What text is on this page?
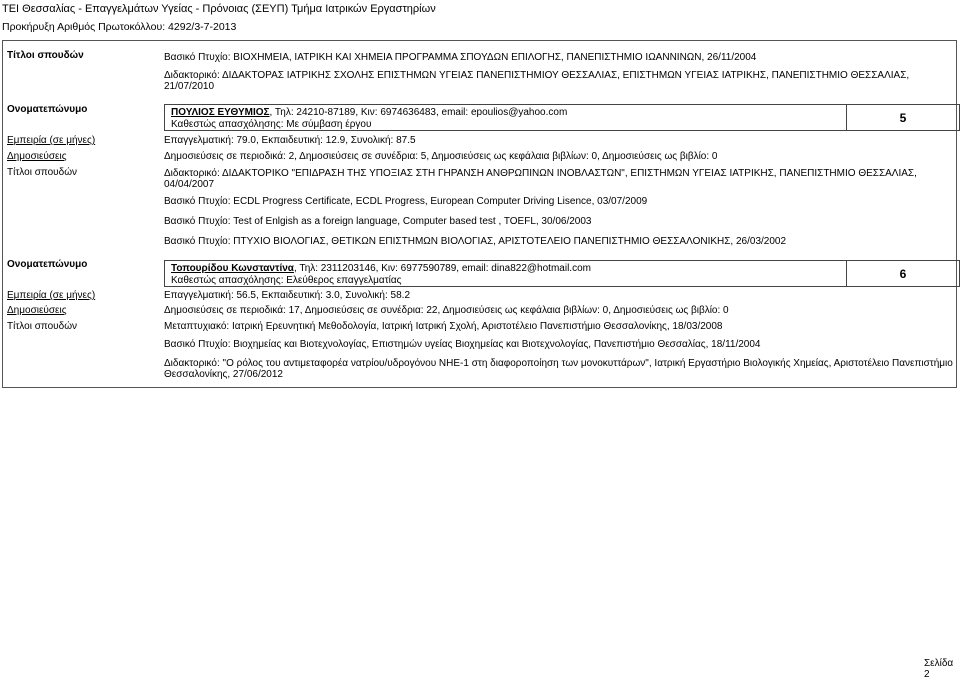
ΤΕΙ Θεσσαλίας - Επαγγελμάτων Υγείας - Πρόνοιας (ΣΕΥΠ) Τμήμα Ιατρικών Εργαστηρίων
Προκήρυξη Αριθμός Πρωτοκόλλου: 4292/3-7-2013
Τίτλοι σπουδών	Βασικό Πτυχίο: ΒΙΟΧΗΜΕΙΑ, ΙΑΤΡΙΚΗ ΚΑΙ ΧΗΜΕΙΑ ΠΡΟΓΡΑΜΜΑ ΣΠΟΥΔΩΝ ΕΠΙΛΟΓΗΣ, ΠΑΝΕΠΙΣΤΗΜΙΟ ΙΩΑΝΝΙΝΩΝ, 26/11/2004
Διδακτορικό: ΔΙΔΑΚΤΟΡΑΣ ΙΑΤΡΙΚΗΣ ΣΧΟΛΗΣ ΕΠΙΣΤΗΜΩΝ ΥΓΕΙΑΣ ΠΑΝΕΠΙΣΤΗΜΙΟΥ ΘΕΣΣΑΛΙΑΣ, ΕΠΙΣΤΗΜΩΝ ΥΓΕΙΑΣ ΙΑΤΡΙΚΗΣ, ΠΑΝΕΠΙΣΤΗΜΙΟ ΘΕΣΣΑΛΙΑΣ,
21/07/2010
Ονοματεπώνυμο	ΠΟΥΛΙΟΣ ΕΥΘΥΜΙΟΣ, Τηλ: 24210-87189, Κιν: 6974636483, email: epoulios@yahoo.com
Καθεστώς απασχόλησης: Με σύμβαση έργου	5
Εμπειρία (σε μήνες)	Επαγγελματική: 79.0, Εκπαιδευτική: 12.9, Συνολική: 87.5
Δημοσιεύσεις	Δημοσιεύσεις σε περιοδικά: 2, Δημοσιεύσεις σε συνέδρια: 5, Δημοσιεύσεις ως κεφάλαια βιβλίων: 0, Δημοσιεύσεις ως βιβλίο: 0
Τίτλοι σπουδών	Διδακτορικό: ΔΙΔΑΚΤΟΡΙΚΟ "ΕΠΙΔΡΑΣΗ ΤΗΣ ΥΠΟΞΙΑΣ ΣΤΗ ΓΗΡΑΝΣΗ ΑΝΘΡΩΠΙΝΩΝ ΙΝΟΒΛΑΣΤΩΝ", ΕΠΙΣΤΗΜΩΝ ΥΓΕΙΑΣ ΙΑΤΡΙΚΗΣ, ΠΑΝΕΠΙΣΤΗΜΙΟ ΘΕΣΣΑΛΙΑΣ,
04/04/2007
Βασικό Πτυχίο: ECDL Progress Certificate, ECDL Progress, European Computer Driving Lisence, 03/07/2009
Βασικό Πτυχίο: Test of Enlgish as a foreign language, Computer based test , TOEFL, 30/06/2003
Βασικό Πτυχίο: ΠΤΥΧΙΟ ΒΙΟΛΟΓΙΑΣ, ΘΕΤΙΚΩΝ ΕΠΙΣΤΗΜΩΝ ΒΙΟΛΟΓΙΑΣ, ΑΡΙΣΤΟΤΕΛΕΙΟ ΠΑΝΕΠΙΣΤΗΜΙΟ ΘΕΣΣΑΛΟΝΙΚΗΣ, 26/03/2002
Ονοματεπώνυμο	Τοπουρίδου Κωνσταντίνα, Τηλ: 2311203146, Κιν: 6977590789, email: dina822@hotmail.com
Καθεστώς απασχόλησης: Ελεύθερος επαγγελματίας	6
Εμπειρία (σε μήνες)	Επαγγελματική: 56.5, Εκπαιδευτική: 3.0, Συνολική: 58.2
Δημοσιεύσεις	Δημοσιεύσεις σε περιοδικά: 17, Δημοσιεύσεις σε συνέδρια: 22, Δημοσιεύσεις ως κεφάλαια βιβλίων: 0, Δημοσιεύσεις ως βιβλίο: 0
Τίτλοι σπουδών	Μεταπτυχιακό: Ιατρική Ερευνητική Μεθοδολογία, Ιατρική Ιατρική Σχολή, Αριστοτέλειο Πανεπιστήμιο Θεσσαλονίκης, 18/03/2008
Βασικό Πτυχίο: Βιοχημείας και Βιοτεχνολογίας, Επιστημών υγείας Βιοχημείας και Βιοτεχνολογίας, Πανεπιστήμιο Θεσσαλίας, 18/11/2004
Διδακτορικό: "Ο ρόλος του αντιμεταφορέα νατρίου/υδρογόνου NHE-1 στη διαφοροποίηση των μονοκυττάρων", Ιατρική Εργαστήριο Βιολογικής Χημείας, Αριστοτέλειο Πανεπιστήμιο
Θεσσαλονίκης, 27/06/2012
Σελίδα 2
